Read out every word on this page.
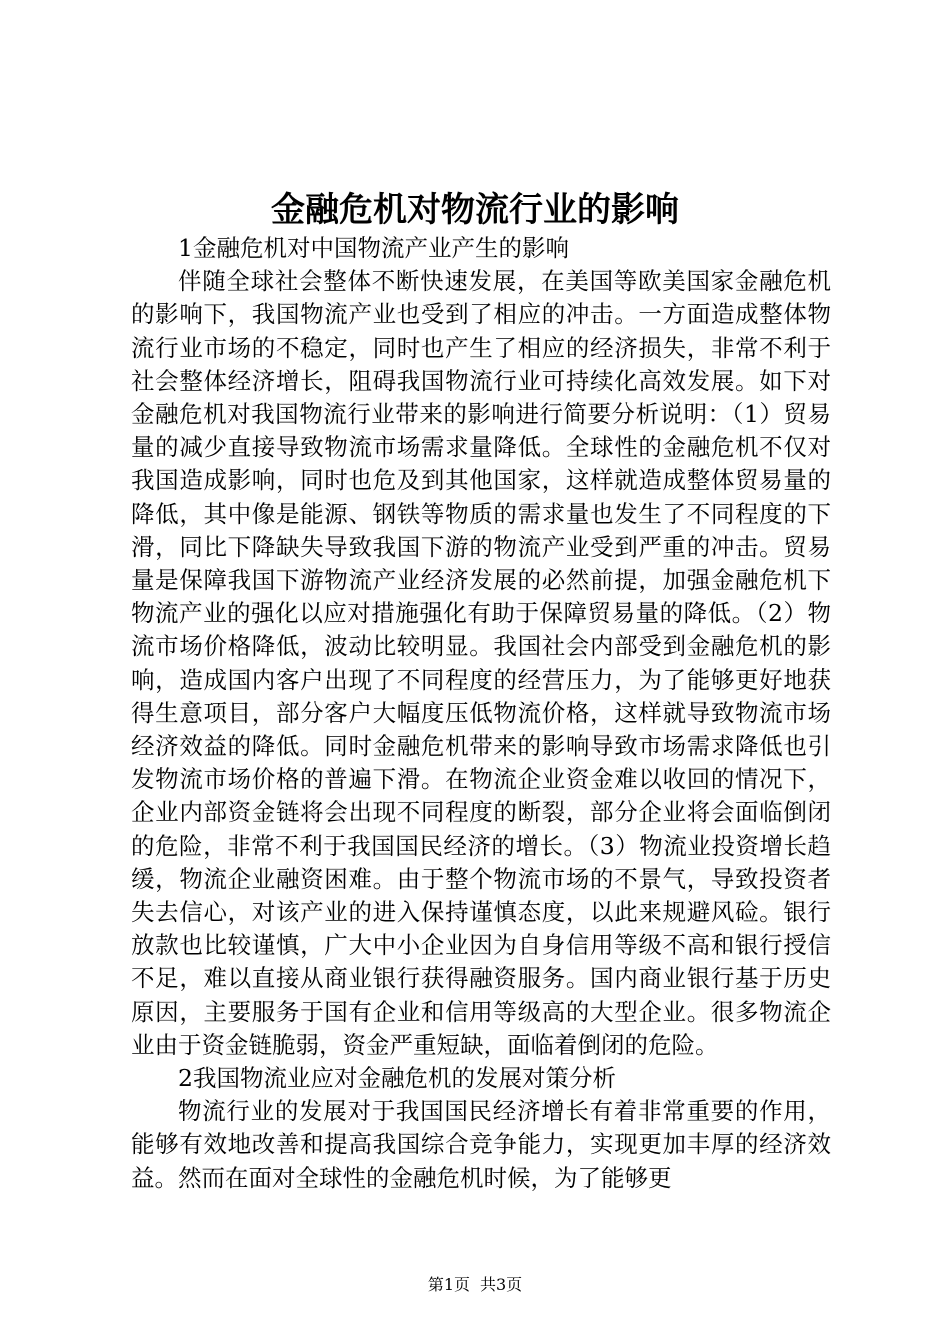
金融危机对物流行业的影响

1金融危机对中国物流产业产生的影响

伴随全球社会整体不断快速发展，在美国等欧美国家金融危机的影响下，我国物流产业也受到了相应的冲击。一方面造成整体物流行业市场的不稳定，同时也产生了相应的经济损失，非常不利于社会整体经济增长，阻碍我国物流行业可持续化高效发展。如下对金融危机对我国物流行业带来的影响进行简要分析说明：（1）贸易量的减少直接导致物流市场需求量降低。全球性的金融危机不仅对我国造成影响，同时也危及到其他国家，这样就造成整体贸易量的降低，其中像是能源、钢铁等物质的需求量也发生了不同程度的下滑，同比下降缺失导致我国下游的物流产业受到严重的冲击。贸易量是保障我国下游物流产业经济发展的必然前提，加强金融危机下物流产业的强化以应对措施强化有助于保障贸易量的降低。（2）物流市场价格降低，波动比较明显。我国社会内部受到金融危机的影响，造成国内客户出现了不同程度的经营压力，为了能够更好地获得生意项目，部分客户大幅度压低物流价格，这样就导致物流市场经济效益的降低。同时金融危机带来的影响导致市场需求降低也引发物流市场价格的普遍下滑。在物流企业资金难以收回的情况下，企业内部资金链将会出现不同程度的断裂，部分企业将会面临倒闭的危险，非常不利于我国国民经济的增长。（3）物流业投资增长趋缓，物流企业融资困难。由于整个物流市场的不景气，导致投资者失去信心，对该产业的进入保持谨慎态度，以此来规避风硷。银行放款也比较谨慎，广大中小企业因为自身信用等级不高和银行授信不足，难以直接从商业银行获得融资服务。国内商业银行基于历史原因，主要服务于国有企业和信用等级高的大型企业。很多物流企业由于资金链脆弱，资金严重短缺，面临着倒闭的危险。

2我国物流业应对金融危机的发展对策分析

物流行业的发展对于我国国民经济增长有着非常重要的作用，能够有效地改善和提高我国综合竞争能力，实现更加丰厚的经济效益。然而在面对全球性的金融危机时候，为了能够更

第1页 共3页
